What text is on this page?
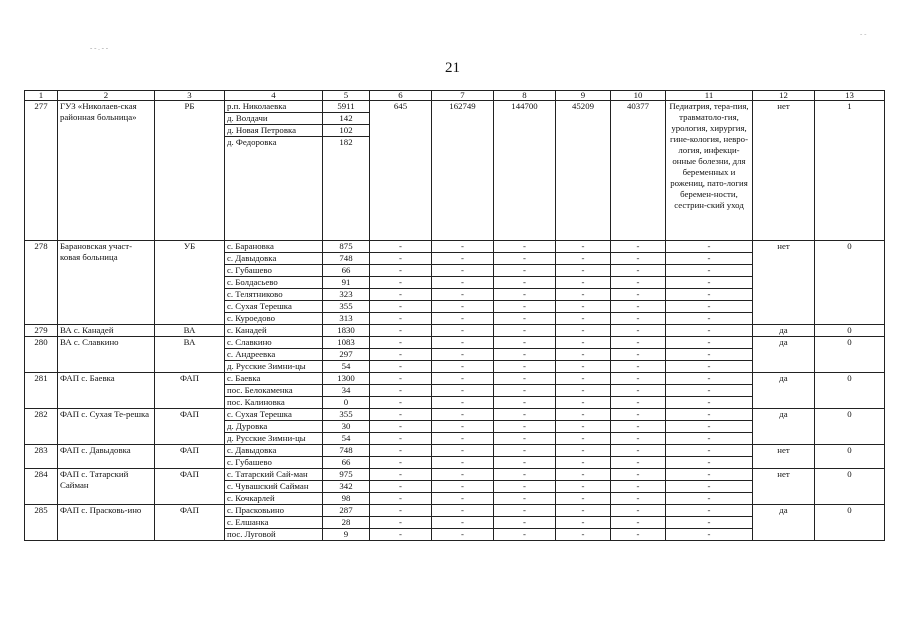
- - . - -
- -
21
1	2	3	4	5	6	7	8	9	10	11	12	13
277	ГУЗ «Николаев-ская районная больница»	РБ	р.п. Николаевка	5911	645	162749	144700	45209	40377	Педиатрия, тера-пия, травматоло-гия, урология, хирургия, гине-кология, невро-логия, инфекци-онные болезни, для беременных и рожениц, пато-логия беремен-ности, сестрин-ский уход	нет	1
			д. Волдачи	142								
			д. Новая Петровка	102								
			д. Федоровка	182								
278	Барановская участ-ковая больница	УБ	с. Барановка	875	-	-	-	-	-	-	нет	0
			с. Давыдовка	748	-	-	-	-	-	-		
			с. Губашево	66	-	-	-	-	-	-		
			с. Болдасьево	91	-	-	-	-	-	-		
			с. Телятниково	323	-	-	-	-	-	-		
			с. Сухая Терешка	355	-	-	-	-	-	-		
			с. Куроедово	313	-	-	-	-	-	-		
279	ВА с. Канадей	ВА	с. Канадей	1830	-	-	-	-	-	-	да	0
280	ВА с. Славкино	ВА	с. Славкино	1083	-	-	-	-	-	-	да	0
			с. Андреевка	297	-	-	-	-	-	-		
			д. Русские Зимни-цы	54	-	-	-	-	-	-		
281	ФАП с. Баевка	ФАП	с. Баевка	1300	-	-	-	-	-	-	да	0
			пос. Белокаменка	34	-	-	-	-	-	-		
			пос. Калиновка	0	-	-	-	-	-	-		
282	ФАП с. Сухая Те-решка	ФАП	с. Сухая Терешка	355	-	-	-	-	-	-	да	0
			д. Дуровка	30	-	-	-	-	-	-		
			д. Русские Зимни-цы	54	-	-	-	-	-	-		
283	ФАП с. Давыдовка	ФАП	с. Давыдовка	748	-	-	-	-	-	-	нет	0
			с. Губашево	66	-	-	-	-	-	-		
284	ФАП с. Татарский Сайман	ФАП	с. Татарский Сай-ман	975	-	-	-	-	-	-	нет	0
			с. Чувашский Сайман	342	-	-	-	-	-	-		
			с. Кочкарлей	98	-	-	-	-	-	-		
285	ФАП с. Прасковь-ино	ФАП	с. Прасковьино	287	-	-	-	-	-	-	да	0
			с. Елшанка	28	-	-	-	-	-	-		
			пос. Луговой	9	-	-	-	-	-	-		
